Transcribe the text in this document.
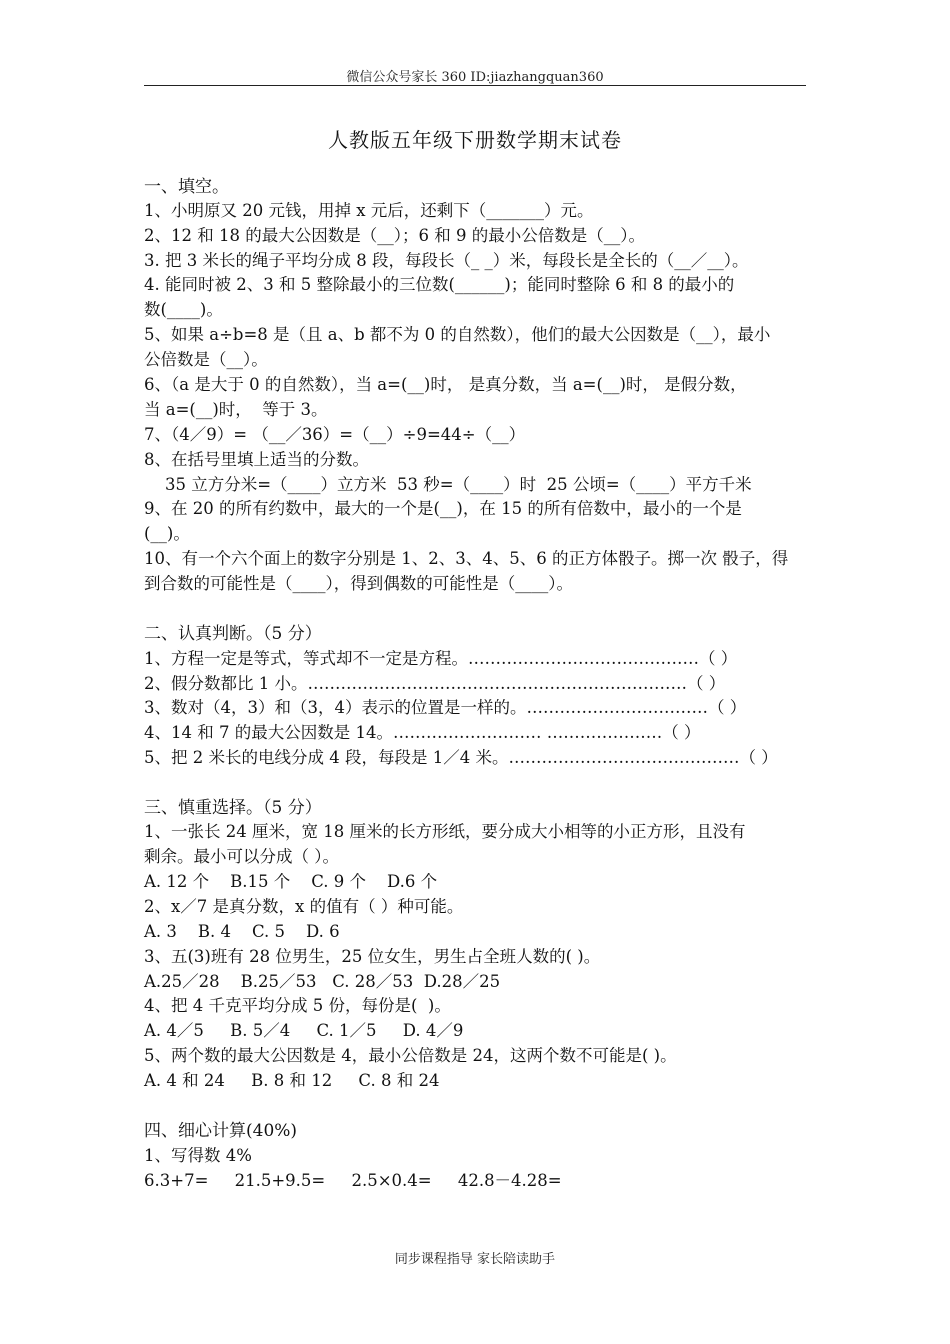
微信公众号家长 360 ID:jiazhangquan360
人教版五年级下册数学期末试卷
一、填空。
1、小明原又 20 元钱，用掉 x 元后，还剩下（_______）元。
2、12 和 18 的最大公因数是（__）；6 和 9 的最小公倍数是（__）。
3. 把 3 米长的绳子平均分成 8 段，每段长（_ _）米，每段长是全长的（__／__）。
4. 能同时被 2、3 和 5 整除最小的三位数(______)；能同时整除 6 和 8 的最小的
数(____)。
5、如果 a÷b=8 是（且 a、b 都不为 0 的自然数），他们的最大公因数是（__），最小
公倍数是（__）。
6、（a 是大于 0 的自然数），当 a=(__)时， 是真分数，当 a=(__)时， 是假分数，
当 a=(__)时，  等于 3。
7、（4／9）= （__／36）=（__）÷9=44÷（__）
8、在括号里填上适当的分数。
35 立方分米=（____）立方米  53 秒=（____）时  25 公顷=（____）平方千米
9、在 20 的所有约数中，最大的一个是(__)，在 15 的所有倍数中，最小的一个是
(__)。
10、有一个六个面上的数字分别是 1、2、3、4、5、6 的正方体骰子。掷一次 骰子，得
到合数的可能性是（____），得到偶数的可能性是（____）。
二、认真判断。（5 分）
1、方程一定是等式，等式却不一定是方程。……………………………………（ ）
2、假分数都比 1 小。……………………………………………………………（ ）
3、数对（4，3）和（3，4）表示的位置是一样的。……………………………（ ）
4、14 和 7 的最大公因数是 14。……………………… …………………（ ）
5、把 2 米长的电线分成 4 段，每段是 1／4 米。……………………………………（ ）
三、慎重选择。（5 分）
1、一张长 24 厘米，宽 18 厘米的长方形纸，要分成大小相等的小正方形，且没有
剩余。最小可以分成（ ）。
A. 12 个    B.15 个    C. 9 个    D.6 个
2、x／7 是真分数，x 的值有（ ）种可能。
A. 3    B. 4    C. 5    D. 6
3、五(3)班有 28 位男生，25 位女生，男生占全班人数的( )。
A.25／28    B.25／53   C. 28／53  D.28／25
4、把 4 千克平均分成 5 份，每份是(  )。
A. 4／5     B. 5／4     C. 1／5     D. 4／9
5、两个数的最大公因数是 4，最小公倍数是 24，这两个数不可能是( )。
A. 4 和 24     B. 8 和 12     C. 8 和 24
四、细心计算(40%)
1、写得数 4%
6.3+7=     21.5+9.5=     2.5×0.4=     42.8－4.28=
同步课程指导 家长陪读助手
